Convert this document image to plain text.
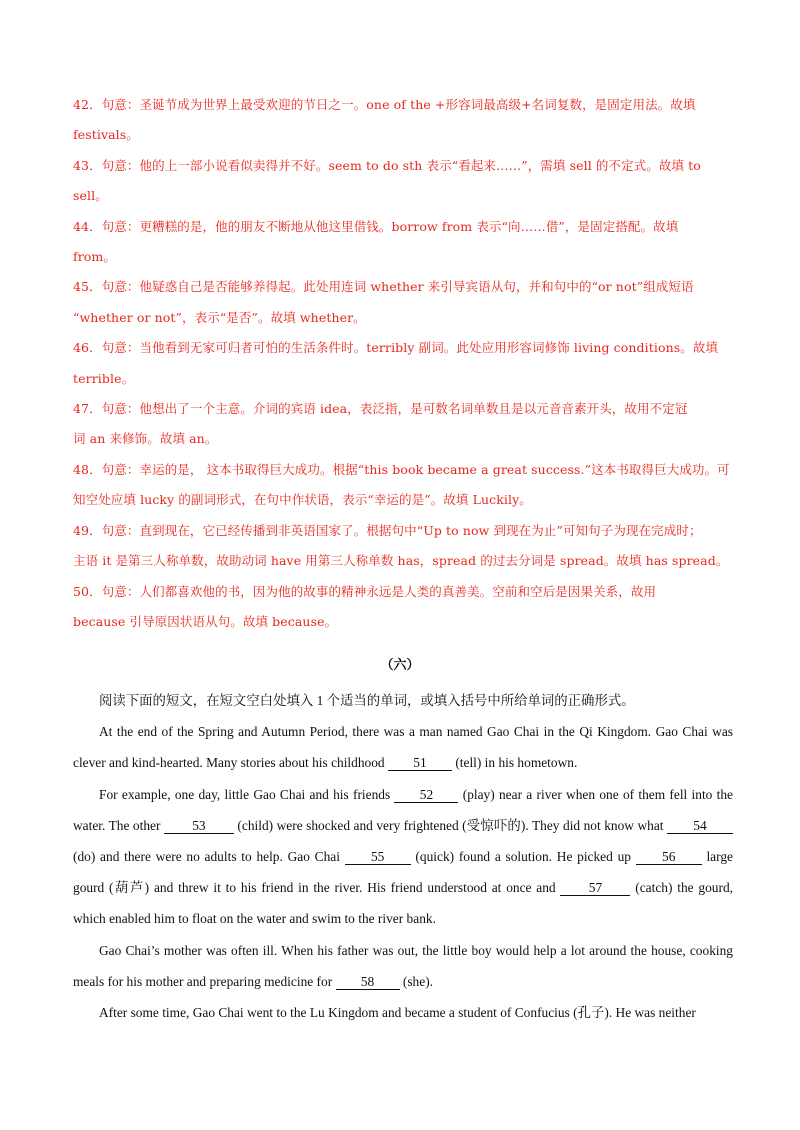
42．句意：圣诞节成为世界上最受欢迎的节日之一。one of the +形容词最高级+名词复数，是固定用法。故填

festivals。

43．句意：他的上一部小说看似卖得并不好。seem to do sth 表示“看起来……”，需填 sell 的不定式。故填 to

sell。

44．句意：更糟糕的是，他的朋友不断地从他这里借钱。borrow from 表示“向……借”，是固定搭配。故填

from。

45．句意：他疑惑自己是否能够养得起。此处用连词 whether 来引导宾语从句，并和句中的“or not”组成短语

“whether or not”，表示“是否”。故填 whether。

46．句意：当他看到无家可归者可怕的生活条件时。terribly 副词。此处应用形容词修饰 living conditions。故填

terrible。

47．句意：他想出了一个主意。介词的宾语 idea，表泛指，是可数名词单数且是以元音音素开头，故用不定冠

词 an 来修饰。故填 an。

48．句意：幸运的是， 这本书取得巨大成功。根据“this book became a great success.”这本书取得巨大成功。可

知空处应填 lucky 的副词形式，在句中作状语，表示“幸运的是”。故填 Luckily。

49．句意：直到现在，它已经传播到非英语国家了。根据句中“Up to now 到现在为止”可知句子为现在完成时；

主语 it 是第三人称单数，故助动词 have 用第三人称单数 has，spread 的过去分词是 spread。故填 has spread。

50．句意：人们都喜欢他的书，因为他的故事的精神永远是人类的真善美。空前和空后是因果关系，故用

because 引导原因状语从句。故填 because。

（六）

阅读下面的短文，在短文空白处填入 1 个适当的单词，或填入括号中所给单词的正确形式。

At the end of the Spring and Autumn Period, there was a man named Gao Chai in the Qi Kingdom. Gao Chai was clever and kind-hearted. Many stories about his childhood 51 (tell) in his hometown.

For example, one day, little Gao Chai and his friends 52 (play) near a river when one of them fell into the water. The other 53 (child) were shocked and very frightened (受惊吓的). They did not know what 54 (do) and there were no adults to help. Gao Chai 55 (quick) found a solution. He picked up 56 large gourd (葫芦) and threw it to his friend in the river. His friend understood at once and 57 (catch) the gourd, which enabled him to float on the water and swim to the river bank.

Gao Chai’s mother was often ill. When his father was out, the little boy would help a lot around the house, cooking meals for his mother and preparing medicine for 58 (she).

After some time, Gao Chai went to the Lu Kingdom and became a student of Confucius (孔子). He was neither
